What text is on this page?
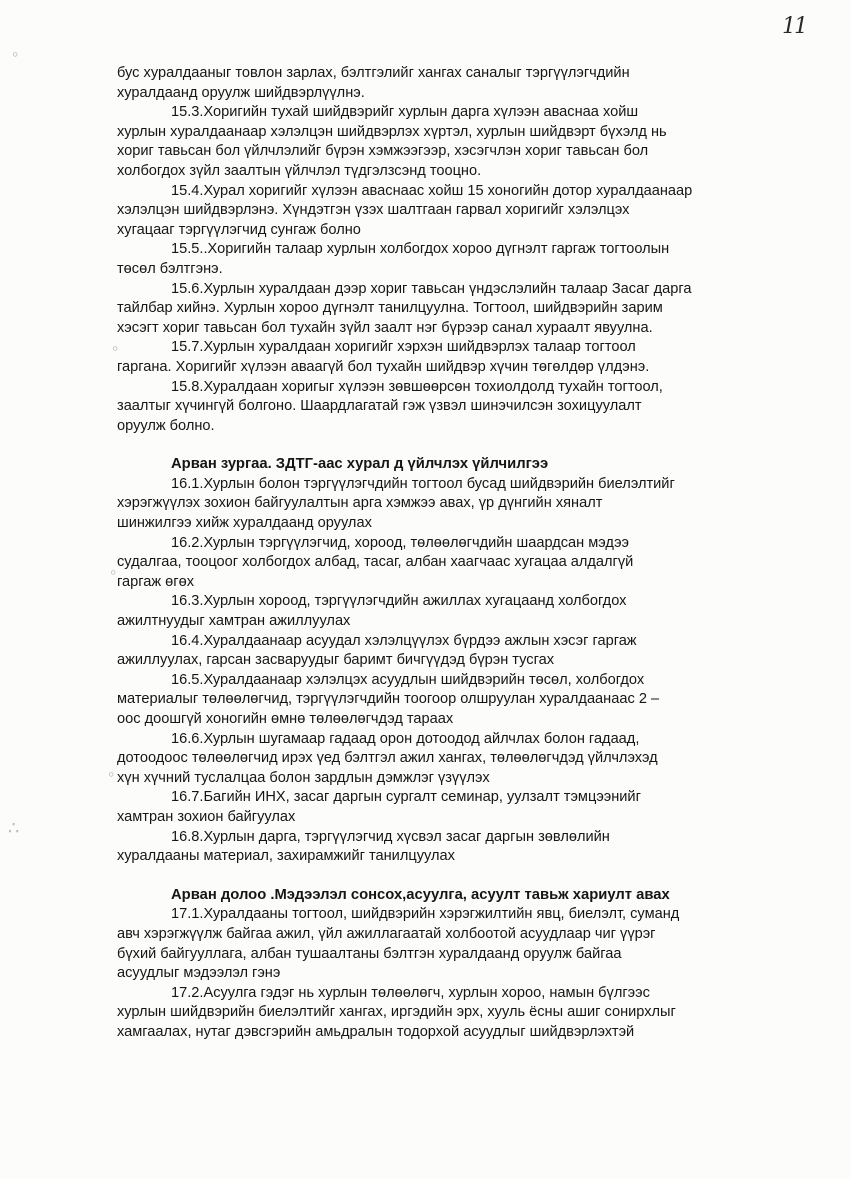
11
◦
◦
◦
◦
∴

бус хуралдааныг товлон зарлах, бэлтгэлийг хангах саналыг тэргүүлэгчдийн
хуралдаанд оруулж шийдвэрлүүлнэ.

15.3.Хоригийн тухай шийдвэрийг хурлын дарга хүлээн аваснаа хойш
хурлын хуралдаанаар хэлэлцэн шийдвэрлэх хүртэл, хурлын шийдвэрт бүхэлд нь
хориг тавьсан бол үйлчлэлийг бүрэн хэмжээгээр, хэсэгчлэн хориг тавьсан бол
холбогдох зүйл заалтын үйлчлэл түдгэлзсэнд тооцно.

15.4.Хурал хоригийг хүлээн аваснаас хойш 15 хоногийн дотор хуралдаанаар
хэлэлцэн шийдвэрлэнэ. Хүндэтгэн үзэх шалтгаан гарвал хоригийг хэлэлцэх
хугацааг тэргүүлэгчид сунгаж болно

15.5..Хоригийн талаар хурлын холбогдох хороо дүгнэлт гаргаж тогтоолын
төсөл бэлтгэнэ.

15.6.Хурлын хуралдаан дээр хориг тавьсан үндэслэлийн талаар Засаг дарга
тайлбар хийнэ. Хурлын хороо дүгнэлт танилцуулна. Тогтоол, шийдвэрийн зарим
хэсэгт хориг тавьсан бол тухайн зүйл заалт нэг бүрээр санал хураалт явуулна.

15.7.Хурлын хуралдаан хоригийг хэрхэн шийдвэрлэх талаар тогтоол
гаргана. Хоригийг хүлээн аваагүй бол тухайн шийдвэр хүчин төгөлдөр үлдэнэ.

15.8.Хуралдаан хоригыг хүлээн зөвшөөрсөн тохиолдолд тухайн тогтоол,
заалтыг хүчингүй болгоно. Шаардлагатай гэж үзвэл шинэчилсэн зохицуулалт
оруулж болно.

Арван зургаа. ЗДТГ-аас хурал д үйлчлэх үйлчилгээ

16.1.Хурлын болон тэргүүлэгчдийн тогтоол бусад шийдвэрийн биелэлтийг
хэрэгжүүлэх зохион байгуулалтын арга хэмжээ авах, үр дүнгийн хяналт
шинжилгээ хийж хуралдаанд оруулах

16.2.Хурлын тэргүүлэгчид, хороод, төлөөлөгчдийн шаардсан мэдээ
судалгаа, тооцоог холбогдох албад, тасаг, албан хаагчаас хугацаа алдалгүй
гаргаж өгөх

16.3.Хурлын хороод, тэргүүлэгчдийн ажиллах хугацаанд холбогдох
ажилтнуудыг хамтран ажиллуулах

16.4.Хуралдаанаар асуудал хэлэлцүүлэх бүрдээ ажлын хэсэг гаргаж
ажиллуулах, гарсан засваруудыг баримт бичгүүдэд бүрэн тусгах

16.5.Хуралдаанаар хэлэлцэх асуудлын шийдвэрийн төсөл, холбогдох
материалыг төлөөлөгчид, тэргүүлэгчдийн тоогоор олшруулан хуралдаанаас 2 –
оос доошгүй хоногийн өмнө төлөөлөгчдэд тараах

16.6.Хурлын шугамаар гадаад орон дотоодод айлчлах болон гадаад,
дотоодоос төлөөлөгчид ирэх үед бэлтгэл ажил хангах, төлөөлөгчдэд үйлчлэхэд
хүн хүчний туслалцаа болон зардлын дэмжлэг үзүүлэх

16.7.Багийн ИНХ, засаг даргын сургалт семинар, уулзалт тэмцээнийг
хамтран зохион байгуулах

16.8.Хурлын дарга, тэргүүлэгчид хүсвэл засаг даргын зөвлөлийн
хуралдааны материал, захирамжийг танилцуулах

Арван долоо .Мэдээлэл сонсох,асуулга, асуулт тавьж хариулт авах

17.1.Хуралдааны тогтоол, шийдвэрийн хэрэгжилтийн явц, биелэлт, суманд
авч хэрэгжүүлж байгаа ажил, үйл ажиллагаатай холбоотой асуудлаар чиг үүрэг
бүхий байгууллага, албан тушаалтаны бэлтгэн хуралдаанд оруулж байгаа
асуудлыг мэдээлэл гэнэ

17.2.Асуулга гэдэг нь хурлын төлөөлөгч, хурлын хороо, намын бүлгээс
хурлын шийдвэрийн биелэлтийг хангах, иргэдийн эрх, хууль ёсны ашиг сонирхлыг
хамгаалах, нутаг дэвсгэрийн амьдралын тодорхой асуудлыг шийдвэрлэхтэй
